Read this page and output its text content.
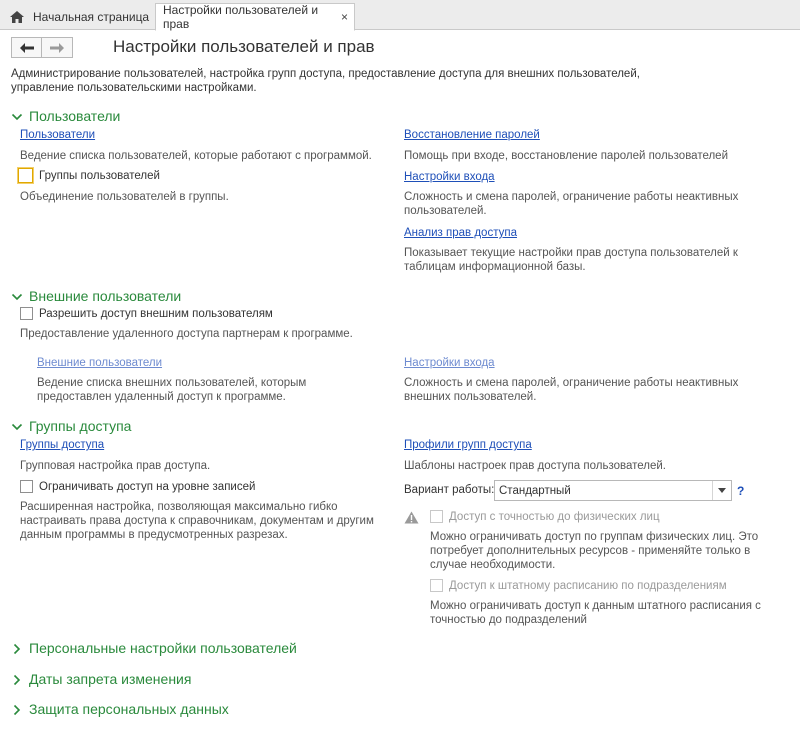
Начальная страница Настройки пользователей и прав	×
Настройки пользователей и прав
Администрирование пользователей, настройка групп доступа, предоставление доступа для внешних пользователей, управление пользовательскими настройками.
Пользователи
Пользователи
Ведение списка пользователей, которые работают с программой.
Группы пользователей
Объединение пользователей в группы.
Восстановление паролей
Помощь при входе, восстановление паролей пользователей
Настройки входа
Сложность и смена паролей, ограничение работы неактивных пользователей.
Анализ прав доступа
Показывает текущие настройки прав доступа пользователей к таблицам информационной базы.
Внешние пользователи
Разрешить доступ внешним пользователям
Предоставление удаленного доступа партнерам к программе.
Внешние пользователи
Ведение списка внешних пользователей, которым предоставлен удаленный доступ к программе.
Настройки входа
Сложность и смена паролей, ограничение работы неактивных внешних пользователей.
Группы доступа
Группы доступа
Групповая настройка прав доступа.
Ограничивать доступ на уровне записей
Расширенная настройка, позволяющая максимально гибко настраивать права доступа к справочникам, документам и другим данным программы в предусмотренных разрезах.
Профили групп доступа
Шаблоны настроек прав доступа пользователей.
Вариант работы: Стандартный	?
Доступ с точностью до физических лиц
Можно ограничивать доступ по группам физических лиц. Это потребует дополнительных ресурсов - применяйте только в случае необходимости.
Доступ к штатному расписанию по подразделениям
Можно ограничивать доступ к данным штатного расписания с точностью до подразделений
Персональные настройки пользователей
Даты запрета изменения
Защита персональных данных
